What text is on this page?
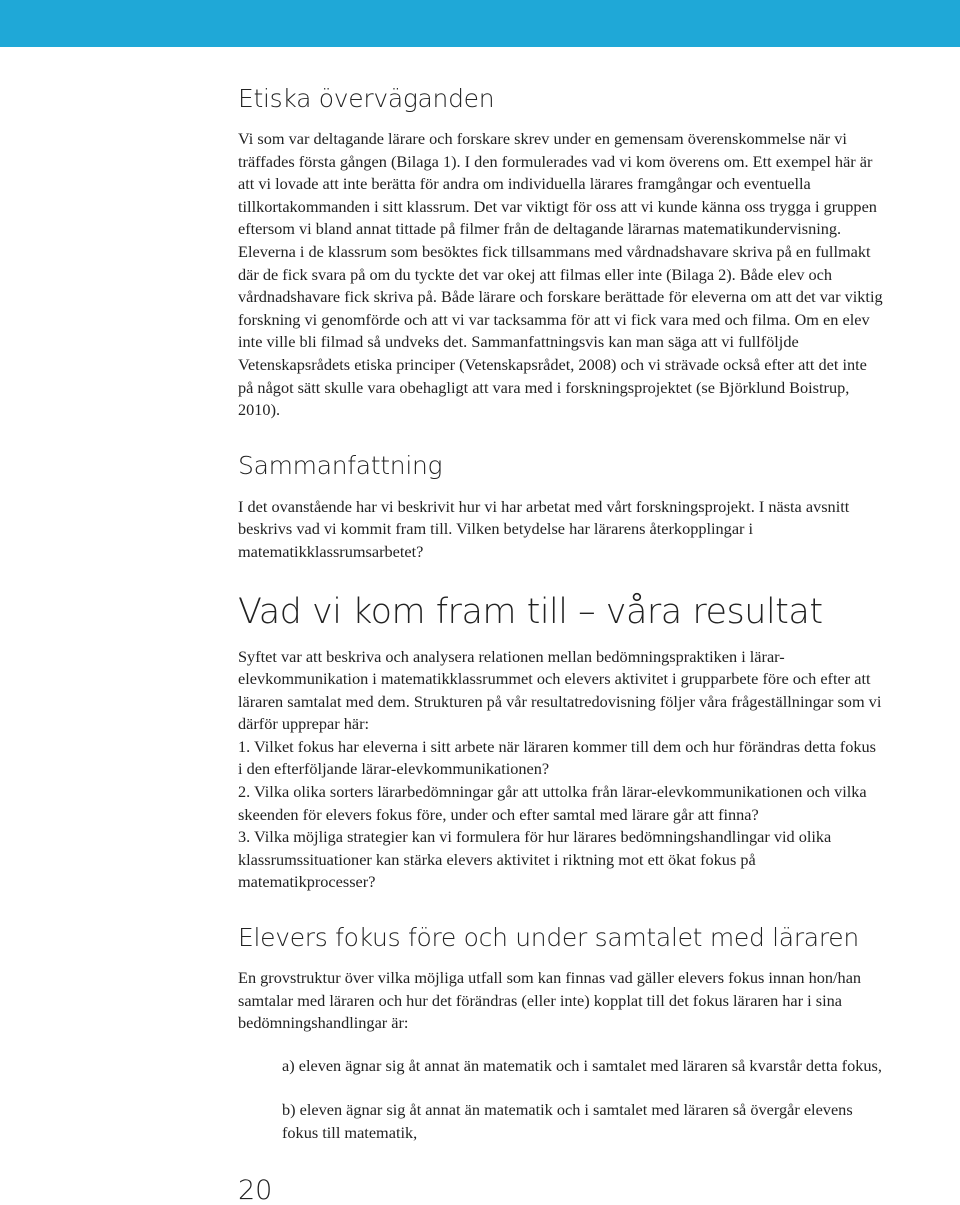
Etiska överväganden

Vi som var deltagande lärare och forskare skrev under en gemensam överenskommelse när vi träffades första gången (Bilaga 1). I den formulerades vad vi kom överens om. Ett exempel här är att vi lovade att inte berätta för andra om individuella lärares framgångar och eventuella tillkortakommanden i sitt klassrum. Det var viktigt för oss att vi kunde känna oss trygga i gruppen eftersom vi bland annat tittade på filmer från de deltagande lärarnas matematikundervisning.

Eleverna i de klassrum som besöktes fick tillsammans med vårdnadshavare skriva på en fullmakt där de fick svara på om du tyckte det var okej att filmas eller inte (Bilaga 2). Både elev och vårdnadshavare fick skriva på. Både lärare och forskare berättade för eleverna om att det var viktig forskning vi genomförde och att vi var tacksamma för att vi fick vara med och filma. Om en elev inte ville bli filmad så undveks det. Sammanfattningsvis kan man säga att vi fullföljde Vetenskapsrådets etiska principer (Vetenskapsrådet, 2008) och vi strävade också efter att det inte på något sätt skulle vara obehagligt att vara med i forskningsprojektet (se Björklund Boistrup, 2010).

Sammanfattning

I det ovanstående har vi beskrivit hur vi har arbetat med vårt forskningsprojekt. I nästa avsnitt beskrivs vad vi kommit fram till. Vilken betydelse har lärarens återkopplingar i matematikklassrumsarbetet?

Vad vi kom fram till – våra resultat

Syftet var att beskriva och analysera relationen mellan bedömningspraktiken i lärar-elevkommunikation i matematikklassrummet och elevers aktivitet i grupparbete före och efter att läraren samtalat med dem. Strukturen på vår resultatredovisning följer våra frågeställningar som vi därför upprepar här:

1. Vilket fokus har eleverna i sitt arbete när läraren kommer till dem och hur förändras detta fokus i den efterföljande lärar-elevkommunikationen?

2. Vilka olika sorters lärarbedömningar går att uttolka från lärar-elevkommunikationen och vilka skeenden för elevers fokus före, under och efter samtal med lärare går att finna?

3. Vilka möjliga strategier kan vi formulera för hur lärares bedömningshandlingar vid olika klassrumssituationer kan stärka elevers aktivitet i riktning mot ett ökat fokus på matematikprocesser?

Elevers fokus före och under samtalet med läraren

En grovstruktur över vilka möjliga utfall som kan finnas vad gäller elevers fokus innan hon/han samtalar med läraren och hur det förändras (eller inte) kopplat till det fokus läraren har i sina bedömningshandlingar är:

a) eleven ägnar sig åt annat än matematik och i samtalet med läraren så kvarstår detta fokus,

b) eleven ägnar sig åt annat än matematik och i samtalet med läraren så övergår elevens fokus till matematik,

20
